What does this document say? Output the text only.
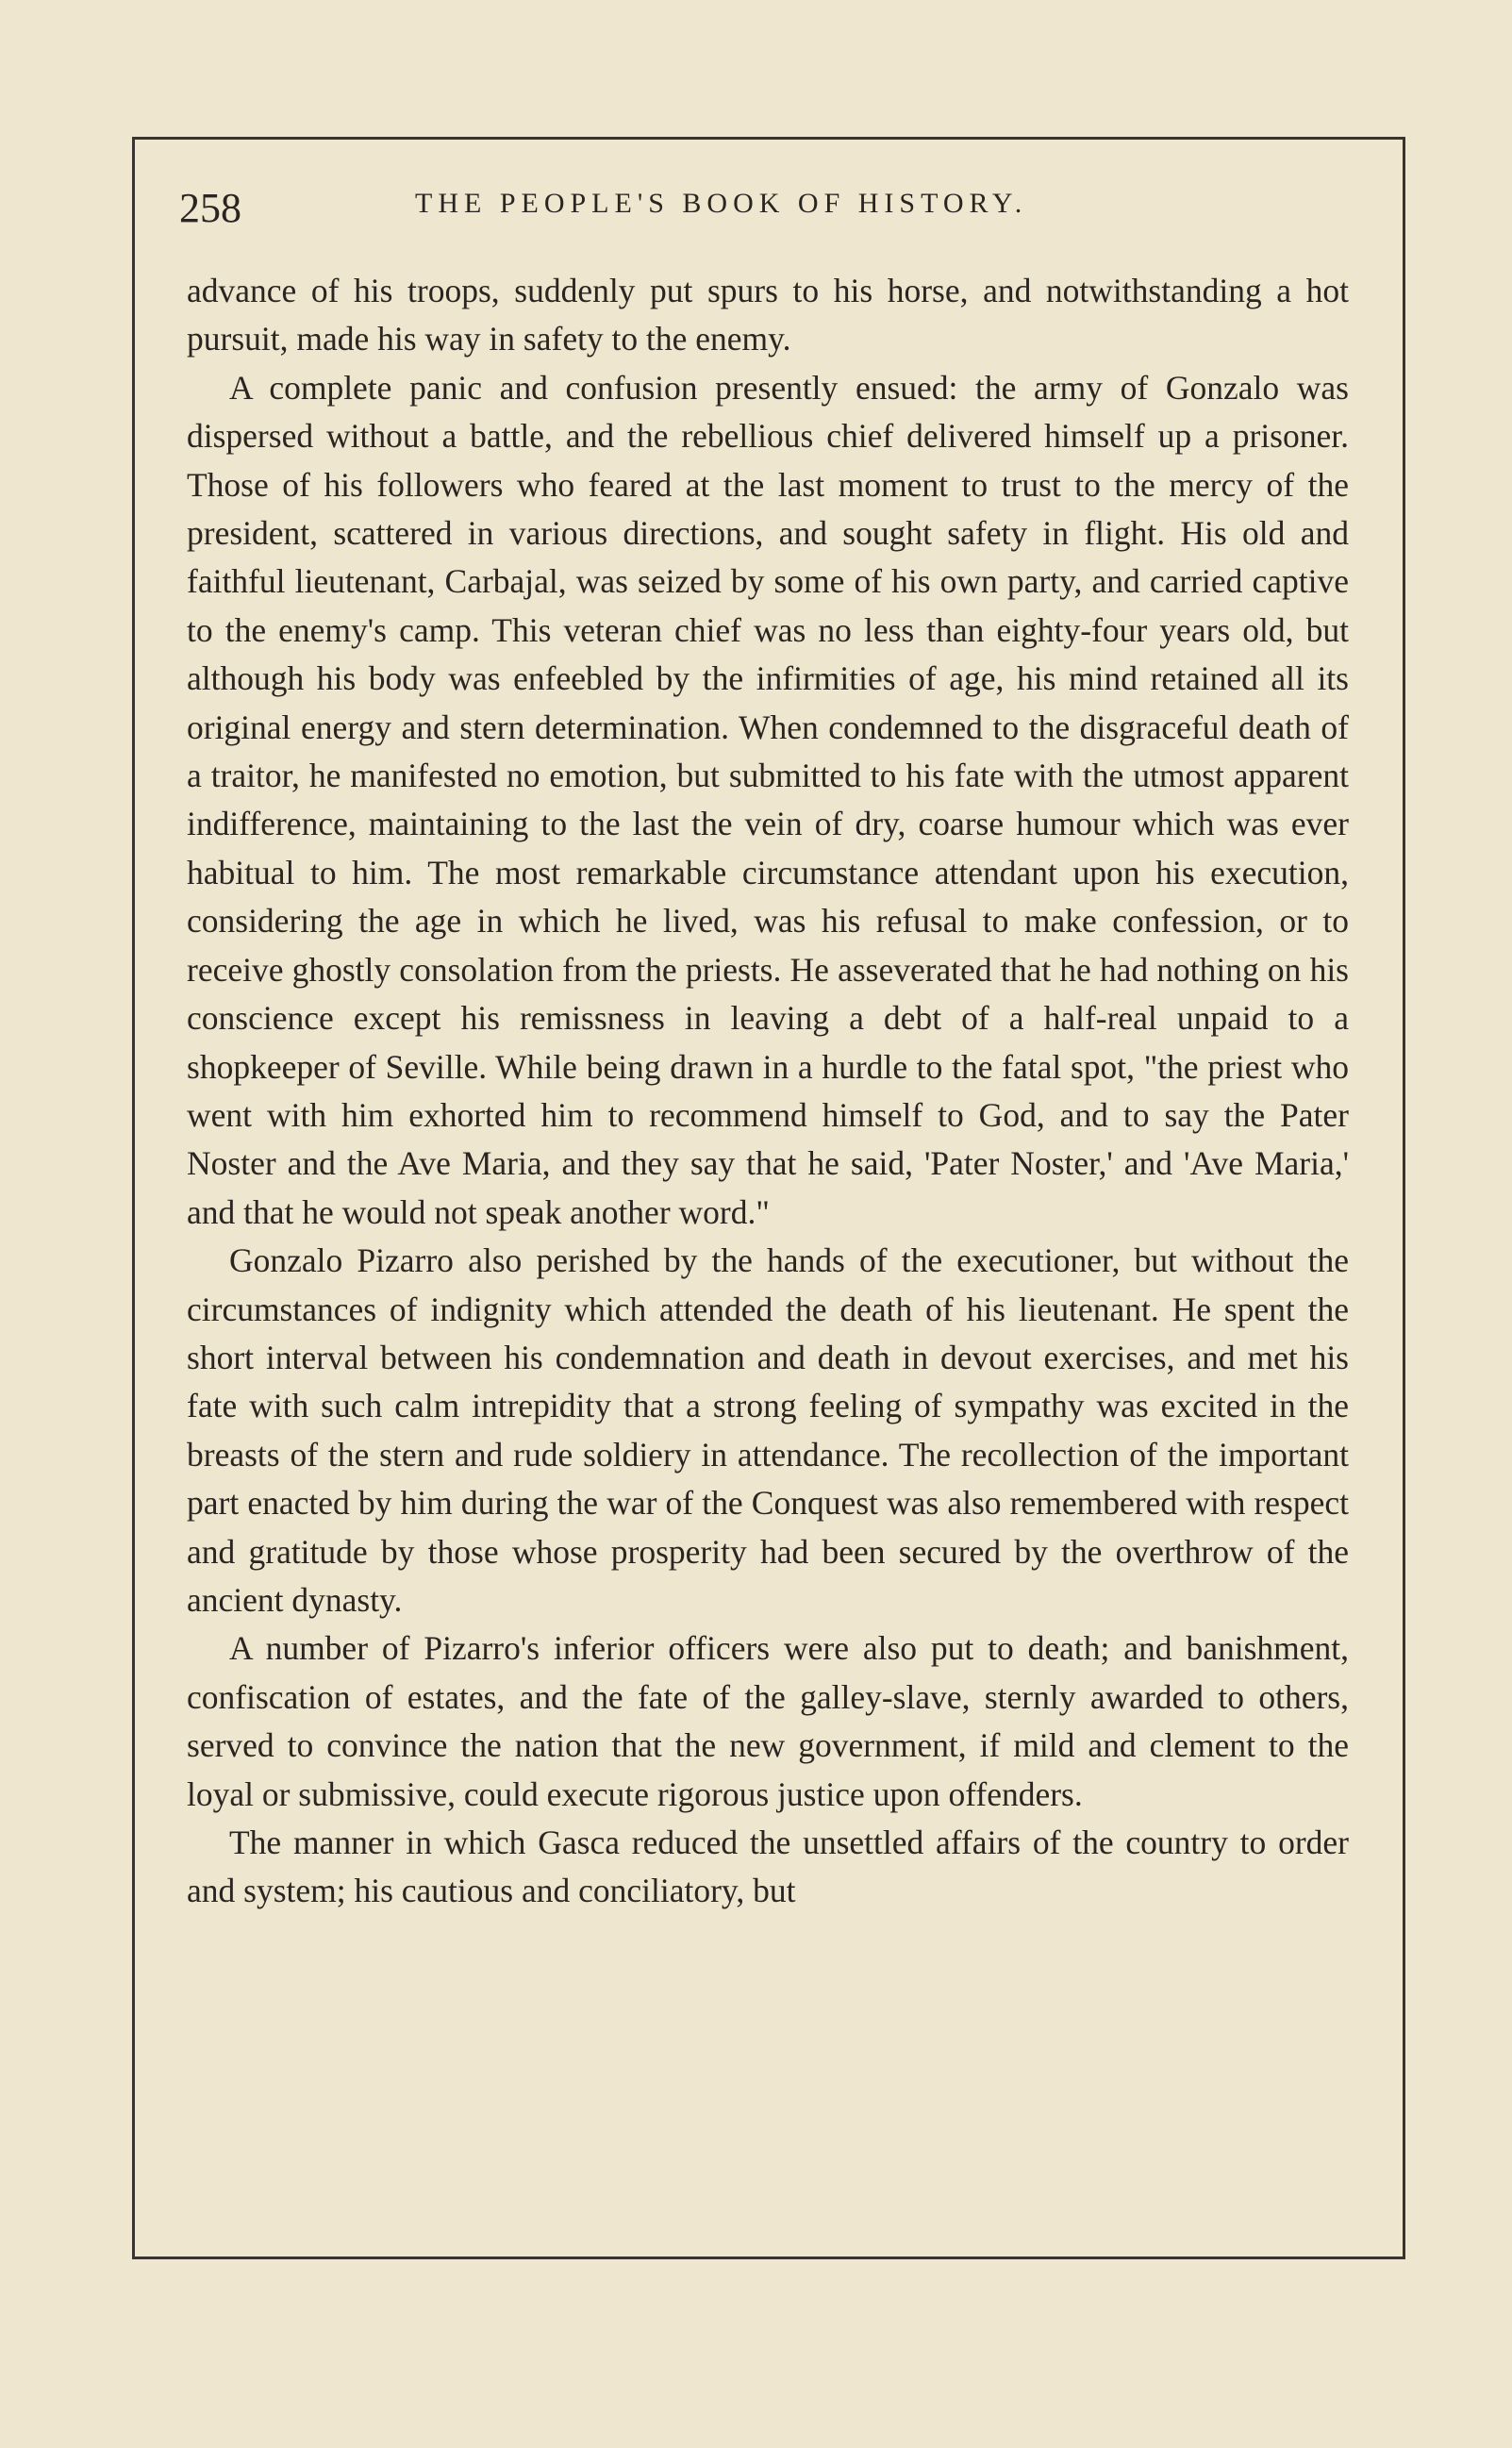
258	THE PEOPLE'S BOOK OF HISTORY.

advance of his troops, suddenly put spurs to his horse, and notwithstanding a hot pursuit, made his way in safety to the enemy.

A complete panic and confusion presently ensued: the army of Gonzalo was dispersed without a battle, and the rebellious chief delivered himself up a prisoner. Those of his followers who feared at the last moment to trust to the mercy of the president, scattered in various directions, and sought safety in flight. His old and faithful lieutenant, Carbajal, was seized by some of his own party, and carried captive to the enemy's camp. This veteran chief was no less than eighty-four years old, but although his body was enfeebled by the infirmities of age, his mind retained all its original energy and stern determination. When condemned to the disgraceful death of a traitor, he manifested no emotion, but submitted to his fate with the utmost apparent indifference, maintaining to the last the vein of dry, coarse humour which was ever habitual to him. The most remarkable circumstance attendant upon his execution, considering the age in which he lived, was his refusal to make confession, or to receive ghostly consolation from the priests. He asseverated that he had nothing on his conscience except his remissness in leaving a debt of a half-real unpaid to a shopkeeper of Seville. While being drawn in a hurdle to the fatal spot, "the priest who went with him exhorted him to recommend himself to God, and to say the Pater Noster and the Ave Maria, and they say that he said, 'Pater Noster,' and 'Ave Maria,' and that he would not speak another word."

Gonzalo Pizarro also perished by the hands of the executioner, but without the circumstances of indignity which attended the death of his lieutenant. He spent the short interval between his condemnation and death in devout exercises, and met his fate with such calm intrepidity that a strong feeling of sympathy was excited in the breasts of the stern and rude soldiery in attendance. The recollection of the important part enacted by him during the war of the Conquest was also remembered with respect and gratitude by those whose prosperity had been secured by the overthrow of the ancient dynasty.

A number of Pizarro's inferior officers were also put to death; and banishment, confiscation of estates, and the fate of the galley-slave, sternly awarded to others, served to convince the nation that the new government, if mild and clement to the loyal or submissive, could execute rigorous justice upon offenders.

The manner in which Gasca reduced the unsettled affairs of the country to order and system; his cautious and conciliatory, but
